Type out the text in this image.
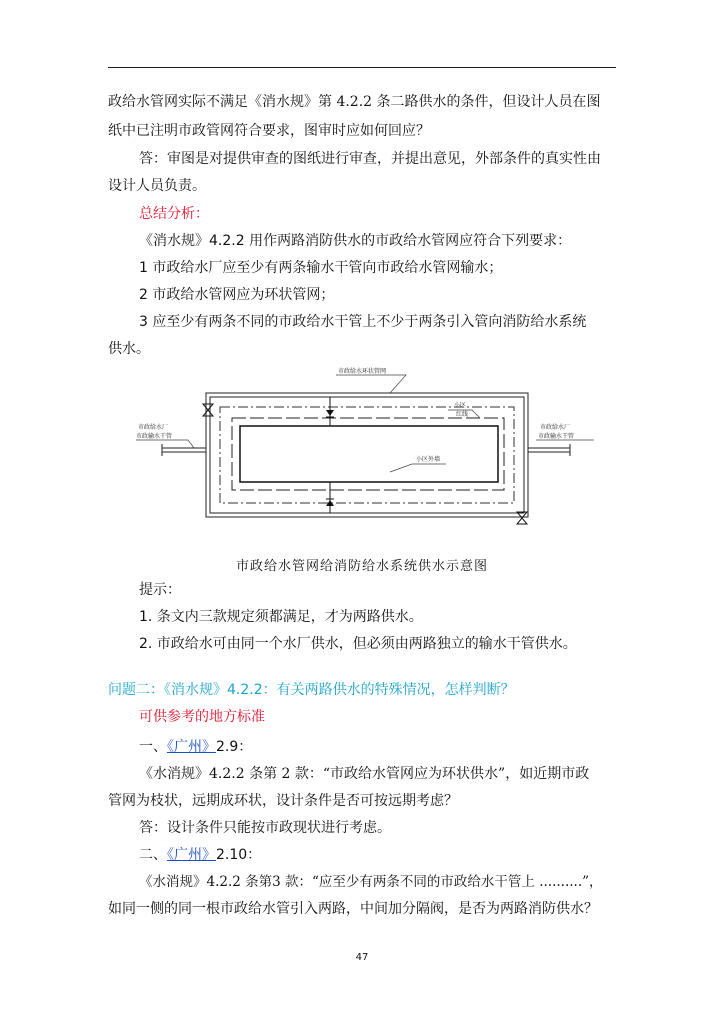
政给水管网实际不满足《消水规》第 4.2.2 条二路供水的条件，但设计人员在图
纸中已注明市政管网符合要求，图审时应如何回应？
答：审图是对提供审查的图纸进行审查，并提出意见，外部条件的真实性由
设计人员负责。
总结分析：
《消水规》4.2.2 用作两路消防供水的市政给水管网应符合下列要求：
1 市政给水厂应至少有两条输水干管向市政给水管网输水；
2 市政给水管网应为环状管网；
3 应至少有两条不同的市政给水干管上不少于两条引入管向消防给水系统
供水。
市政给水环状管网
市政给水厂
市政输水干管
市政给水厂
市政输水干管
小区
红线
小区外墙
市政给水管网给消防给水系统供水示意图
提示：
1. 条文内三款规定须都满足，才为两路供水。
2. 市政给水可由同一个水厂供水，但必须由两路独立的输水干管供水。
问题二：《消水规》4.2.2：有关两路供水的特殊情况，怎样判断？
可供参考的地方标准
一、《广州》2.9：
《水消规》4.2.2 条第 2 款：“市政给水管网应为环状供水”，如近期市政
管网为枝状，远期成环状，设计条件是否可按远期考虑？
答：设计条件只能按市政现状进行考虑。
二、《广州》2.10：
《水消规》4.2.2 条第3 款：“应至少有两条不同的市政给水干管上 ..........”，
如同一侧的同一根市政给水管引入两路，中间加分隔阀，是否为两路消防供水？
47
